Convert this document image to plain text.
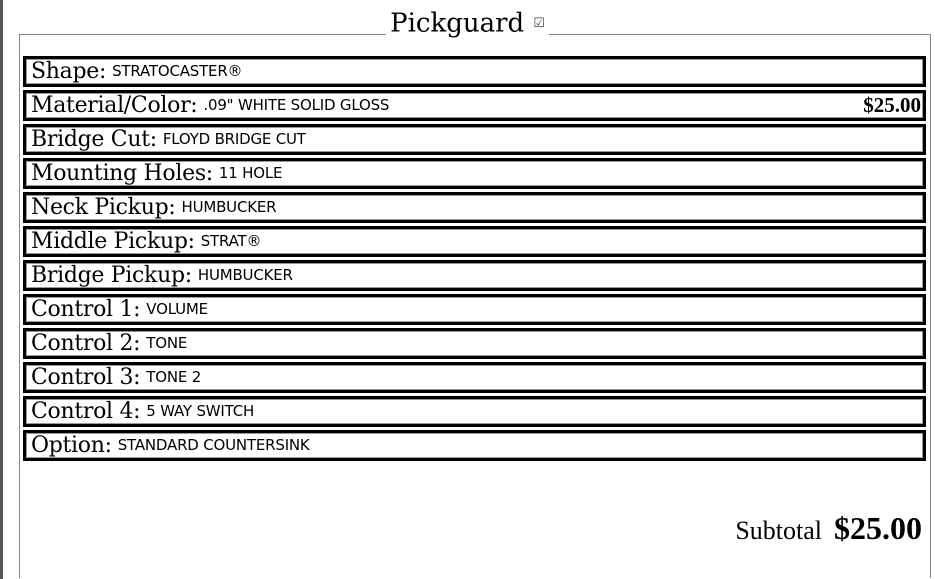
Pickguard ☑
Shape: STRATOCASTER®
Material/Color: .09" WHITE SOLID GLOSS	$25.00
Bridge Cut: FLOYD BRIDGE CUT
Mounting Holes: 11 HOLE
Neck Pickup: HUMBUCKER
Middle Pickup: STRAT®
Bridge Pickup: HUMBUCKER
Control 1: VOLUME
Control 2: TONE
Control 3: TONE 2
Control 4: 5 WAY SWITCH
Option: STANDARD COUNTERSINK
Subtotal $25.00
